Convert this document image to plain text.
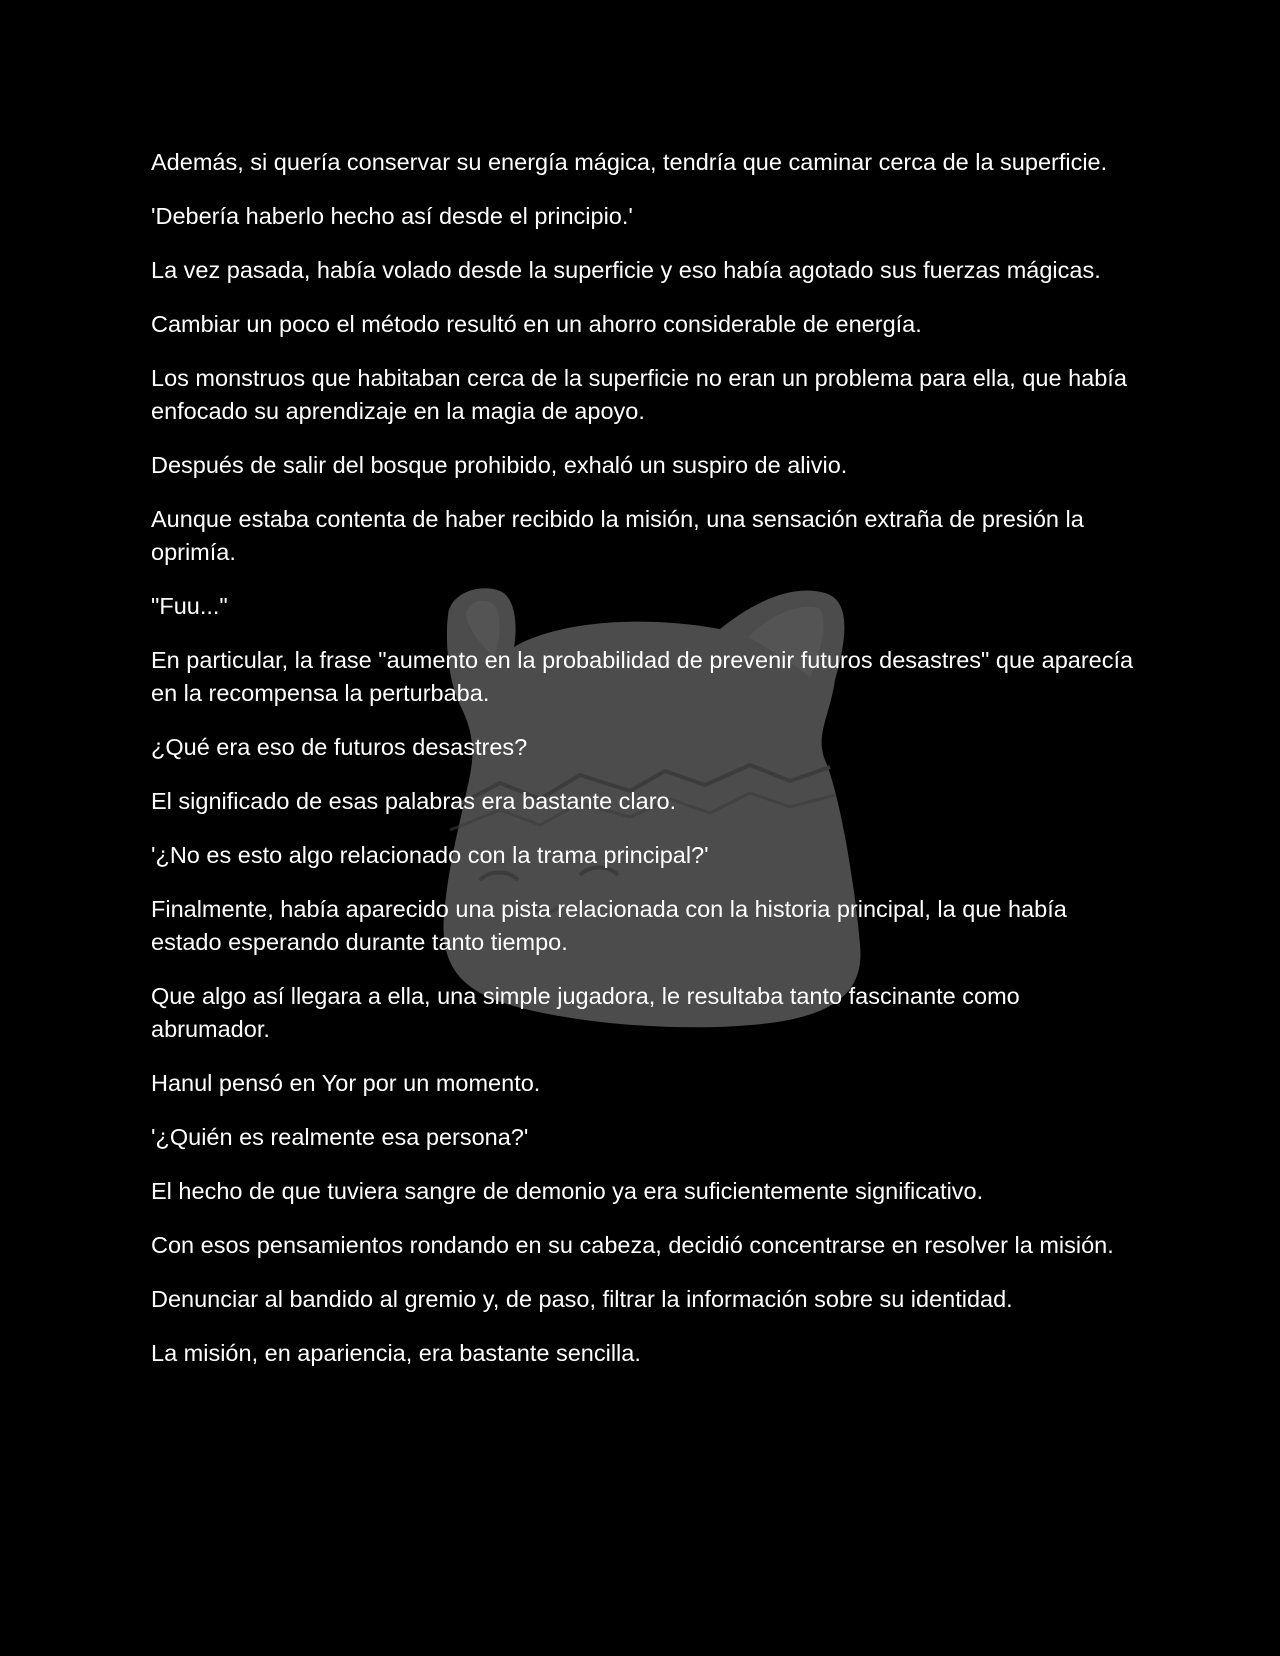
Además, si quería conservar su energía mágica, tendría que caminar cerca de la superficie.

'Debería haberlo hecho así desde el principio.'

La vez pasada, había volado desde la superficie y eso había agotado sus fuerzas mágicas.

Cambiar un poco el método resultó en un ahorro considerable de energía.

Los monstruos que habitaban cerca de la superficie no eran un problema para ella, que había enfocado su aprendizaje en la magia de apoyo.

Después de salir del bosque prohibido, exhaló un suspiro de alivio.

Aunque estaba contenta de haber recibido la misión, una sensación extraña de presión la oprimía.

"Fuu..."

En particular, la frase "aumento en la probabilidad de prevenir futuros desastres" que aparecía en la recompensa la perturbaba.

¿Qué era eso de futuros desastres?

El significado de esas palabras era bastante claro.

'¿No es esto algo relacionado con la trama principal?'

Finalmente, había aparecido una pista relacionada con la historia principal, la que había estado esperando durante tanto tiempo.

Que algo así llegara a ella, una simple jugadora, le resultaba tanto fascinante como abrumador.

Hanul pensó en Yor por un momento.

'¿Quién es realmente esa persona?'

El hecho de que tuviera sangre de demonio ya era suficientemente significativo.

Con esos pensamientos rondando en su cabeza, decidió concentrarse en resolver la misión.

Denunciar al bandido al gremio y, de paso, filtrar la información sobre su identidad.

La misión, en apariencia, era bastante sencilla.
